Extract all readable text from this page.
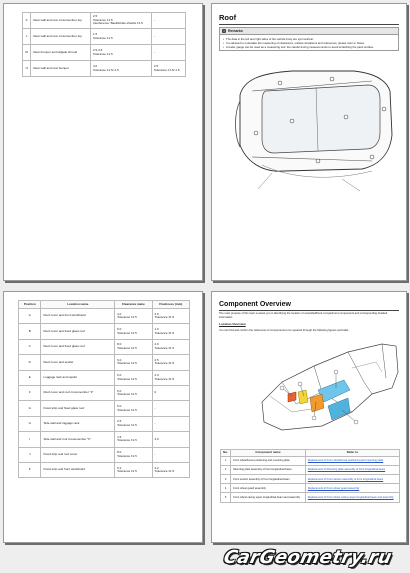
K	Rear wall and rear crossmember top	2.5
Tolerance ±1.5
Interference: Backlit/side shields ±1.5	-
L	Rear wall and rear crossmember top	1.5
Tolerance ±1.5	-
M	Rear bumper and tailgate shroud	2.5-4.5
Tolerance ±1.5	-
N	Rear wall and rear bumper	4.0
Tolerance ±1.5/-1.5	2.5
Tolerance ±1.5/-1.5
Roof
i	Remarks
• The data in the left and right sides of the vehicle body are symmetrical.
• It is advised to undertake the measuring of clearances, surface deviations and references, please refer to Notes.
• A feeler gauge can be used as a measuring tool; the careful during measurements to avoid scratching the paint surface.
Position	Location name	Clearance name	Flushness (mm)
A	Roof cover and front windshield	4.0
Tolerance ±1.5	2.0
Tolerance ±1.5
B	Roof cover and fixed glass roof	6.0
Tolerance ±1.5	1.0
Tolerance ±1.5
C	Roof cover and fixed glass roof	8.0
Tolerance ±1.5	2.0
Tolerance ±1.5
D	Roof cover and spoiler	6.0
Tolerance ±1.5	2.5
Tolerance ±1.5
E	Luggage rack and spoiler	6.0
Tolerance ±1.5	2.0
Tolerance ±1.5
F	Roof cover and roof crossmember "F"	6.0
Tolerance ±1.5	0
G	Fixed strip and fixed glass roof	6.0
Tolerance ±1.5	-
H	Side wall and luggage rack	2.5
Tolerance ±1.5	-
I	Side wall and roof crossmember "F"	1.5
Tolerance ±1.5	4.0
J	Fixed strip and roof cover	8.0
Tolerance ±1.5	-
K	Fixed strip and front windshield	6.2
Tolerance ±1.5	2.2
Tolerance ±1.5
Component Overview
The main purpose of this topic is assist you in identifying the location of unwelded/fixed compartment components and corresponding detailed information.
Location Overview
You can find and confirm the references of components to be repaired through the following figures and table.
No.	Component name	Refer to
1	Front wheelhouse positioning and mounting plate	Replacement of Front wheelhouse positioning and mounting plate
2	Mounting plate assembly of front longitudinal beam	Replacement of Mounting plate assembly of front longitudinal beam
3	Front section assembly of front longitudinal beam	Replacement of Front section assembly of front longitudinal beam
4	Front wheel guard assembly	Replacement of Front wheel guard assembly
5	Front wheel casing upper longitudinal beam and assembly	Replacement of Front wheel casing upper longitudinal beam and assembly
CarGeometry.ru
